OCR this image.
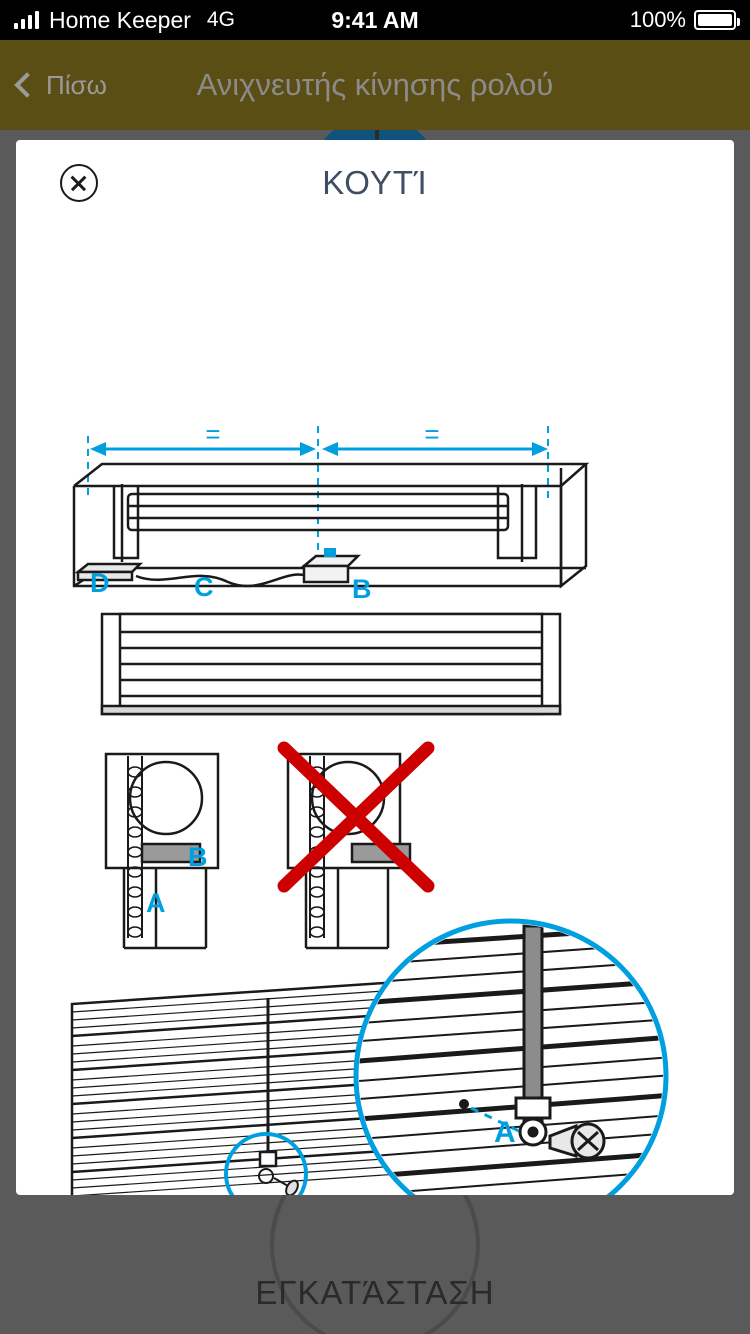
Home Keeper 4G	9:41 AM	100%
Πίσω	Ανιχνευτής κίνησης ρολού
ΕΓΚΑΤΆΣΤΑΣΗ
ΚΟΥΤΊ
=	=
D	C	B
B
A
A
